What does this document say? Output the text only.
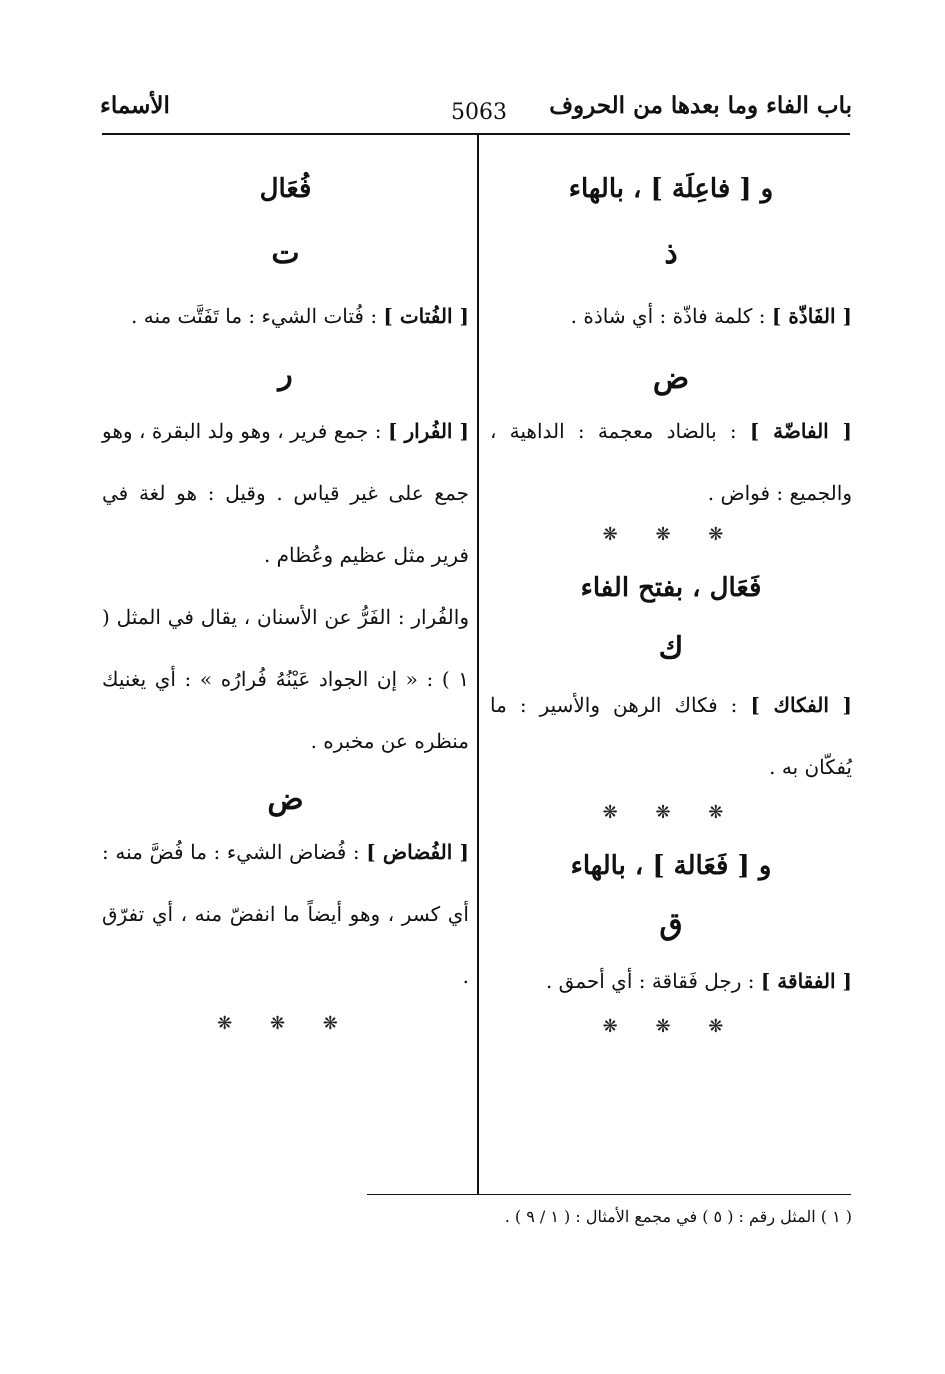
باب الفاء وما بعدها من الحروف
5063
الأسماء

و [ فاعِلَة ] ، بالهاء

ذ

[ الفَاذّة ] : كلمة فاذّة : أي شاذة .

ض

[ الفاضّة ] : بالضاد معجمة : الداهية ، والجميع : فواض .

❋ ❋ ❋

فَعَال ، بفتح الفاء

ك

[ الفكاك ] : فكاك الرهن والأسير : ما يُفكّان به .

❋ ❋ ❋

و [ فَعَالة ] ، بالهاء

ق

[ الفقاقة ] : رجل فَقاقة : أي أحمق .

❋ ❋ ❋

فُعَال

ت

[ الفُتات ] : فُتات الشيء : ما تَفَتَّت منه .

ر

[ الفُرار ] : جمع فرير ، وهو ولد البقرة ، وهو جمع على غير قياس . وقيل : هو لغة في فرير مثل عظيم وعُظام .

والفُرار : الفَرُّ عن الأسنان ، يقال في المثل ( ١ ) : « إن الجواد عَيْنُهُ فُرارُه » : أي يغنيك منظره عن مخبره .

ض

[ الفُضاض ] : فُضاض الشيء : ما فُضَّ منه : أي كسر ، وهو أيضاً ما انفضّ منه ، أي تفرّق .

❋ ❋ ❋

( ١ ) المثل رقم : ( ٥ ) في مجمع الأمثال : ( ١ / ٩ ) .
